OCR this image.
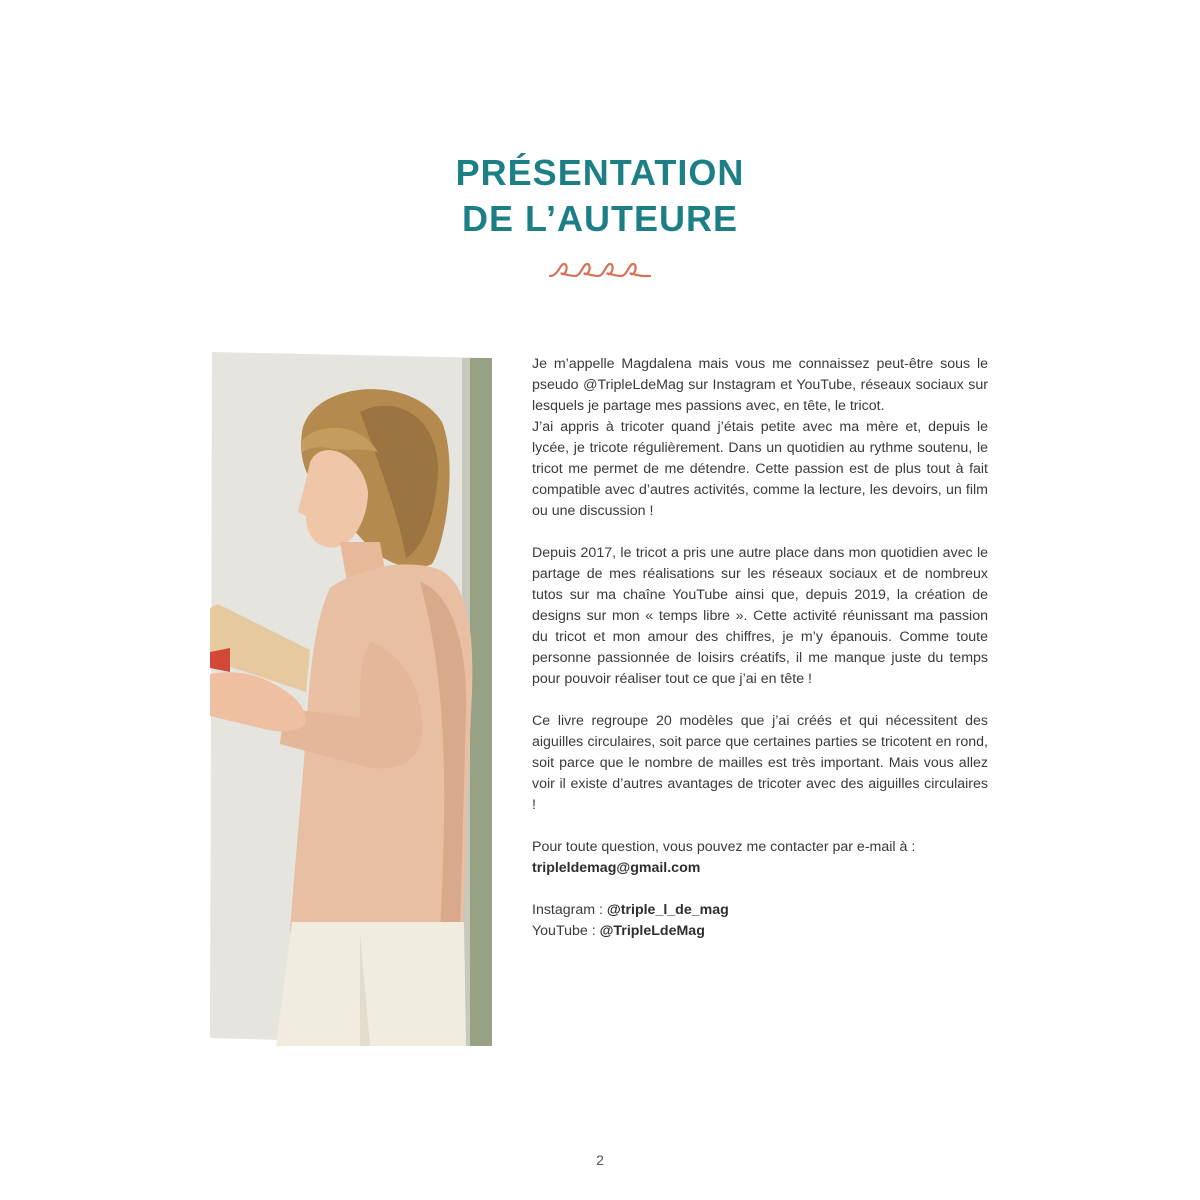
PRÉSENTATION
DE L’AUTEURE

Je m’appelle Magdalena mais vous me connaissez peut-être sous le pseudo @TripleLdeMag sur Instagram et YouTube, réseaux sociaux sur lesquels je partage mes passions avec, en tête, le tricot.

J’ai appris à tricoter quand j’étais petite avec ma mère et, depuis le lycée, je tricote régulièrement. Dans un quotidien au rythme soutenu, le tricot me permet de me détendre. Cette passion est de plus tout à fait compatible avec d’autres activités, comme la lecture, les devoirs, un film ou une discussion !

Depuis 2017, le tricot a pris une autre place dans mon quotidien avec le partage de mes réalisations sur les réseaux sociaux et de nombreux tutos sur ma chaîne YouTube ainsi que, depuis 2019, la création de designs sur mon « temps libre ». Cette activité réunissant ma passion du tricot et mon amour des chiffres, je m’y épanouis. Comme toute personne passionnée de loisirs créatifs, il me manque juste du temps pour pouvoir réaliser tout ce que j’ai en tête !

Ce livre regroupe 20 modèles que j’ai créés et qui nécessitent des aiguilles circulaires, soit parce que certaines parties se tricotent en rond, soit parce que le nombre de mailles est très important. Mais vous allez voir il existe d’autres avantages de tricoter avec des aiguilles circulaires !

Pour toute question, vous pouvez me contacter par e-mail à :
tripleldemag@gmail.com

Instagram : @triple_l_de_mag
YouTube : @TripleLdeMag

2
